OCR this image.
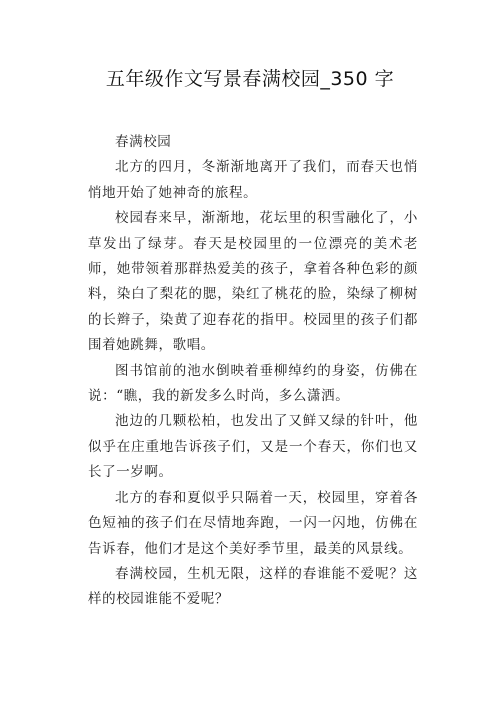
五年级作文写景春满校园_350 字

春满校园

北方的四月，冬渐渐地离开了我们，而春天也悄悄地开始了她神奇的旅程。

校园春来早，渐渐地，花坛里的积雪融化了，小草发出了绿芽。春天是校园里的一位漂亮的美术老师，她带领着那群热爱美的孩子，拿着各种色彩的颜料，染白了梨花的腮，染红了桃花的脸，染绿了柳树的长辫子，染黄了迎春花的指甲。校园里的孩子们都围着她跳舞，歌唱。

图书馆前的池水倒映着垂柳绰约的身姿，仿佛在说：“瞧，我的新发多么时尚，多么潇洒。

池边的几颗松柏，也发出了又鲜又绿的针叶，他似乎在庄重地告诉孩子们，又是一个春天，你们也又长了一岁啊。

北方的春和夏似乎只隔着一天，校园里，穿着各色短袖的孩子们在尽情地奔跑，一闪一闪地，仿佛在告诉春，他们才是这个美好季节里，最美的风景线。

春满校园，生机无限，这样的春谁能不爱呢？这样的校园谁能不爱呢？
